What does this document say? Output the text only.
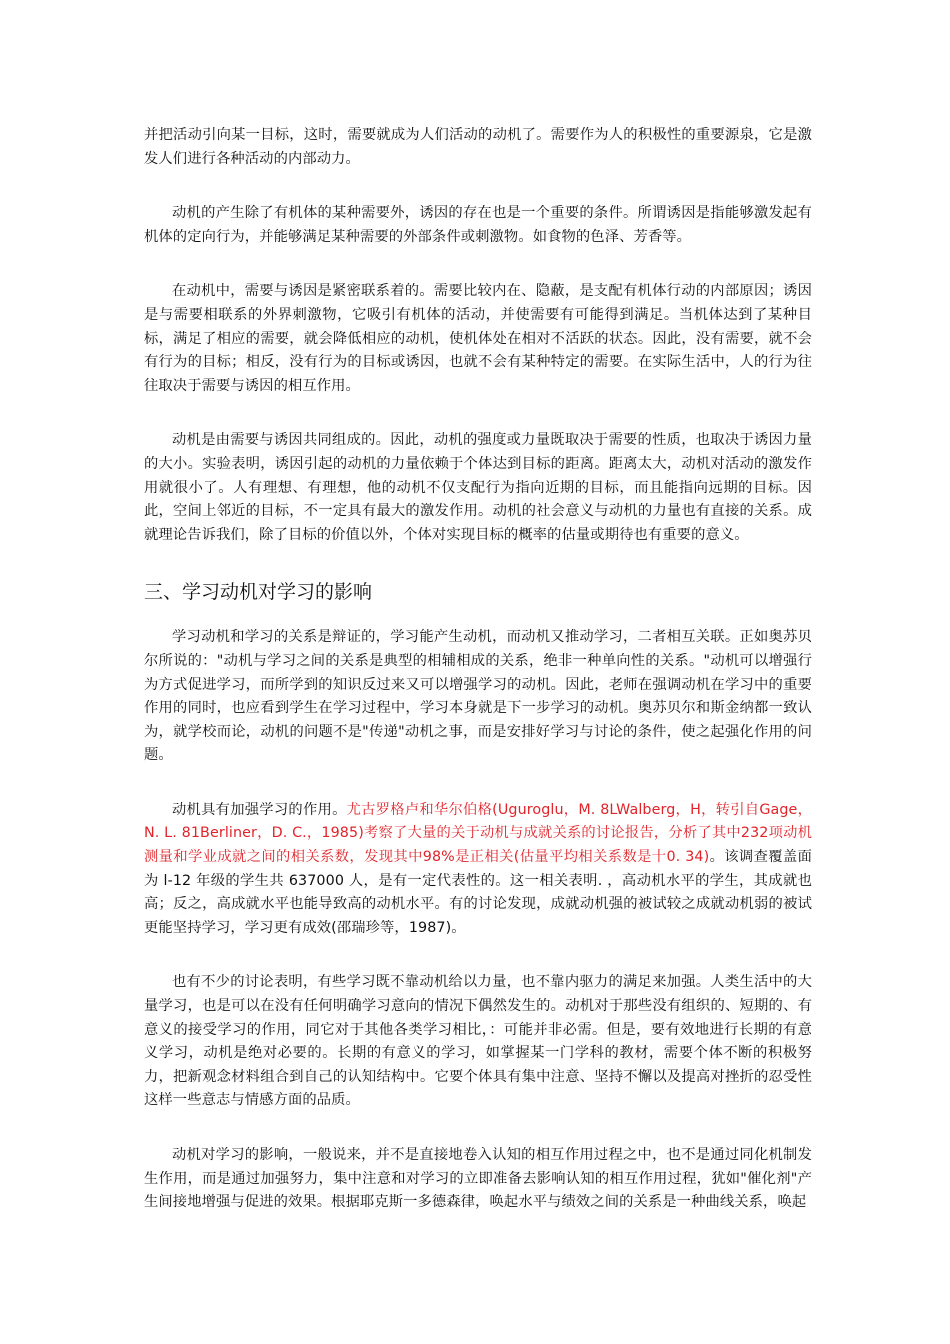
并把活动引向某一目标，这时，需要就成为人们活动的动机了。需要作为人的积极性的重要源泉，它是激发人们进行各种活动的内部动力。

动机的产生除了有机体的某种需要外，诱因的存在也是一个重要的条件。所谓诱因是指能够激发起有机体的定向行为，并能够满足某种需要的外部条件或刺激物。如食物的色泽、芳香等。

在动机中，需要与诱因是紧密联系着的。需要比较内在、隐蔽，是支配有机体行动的内部原因；诱因是与需要相联系的外界刺激物，它吸引有机体的活动，并使需要有可能得到满足。当机体达到了某种目标，满足了相应的需要，就会降低相应的动机，使机体处在相对不活跃的状态。因此，没有需要，就不会有行为的目标；相反，没有行为的目标或诱因，也就不会有某种特定的需要。在实际生活中，人的行为往往取决于需要与诱因的相互作用。

动机是由需要与诱因共同组成的。因此，动机的强度或力量既取决于需要的性质，也取决于诱因力量的大小。实验表明，诱因引起的动机的力量依赖于个体达到目标的距离。距离太大，动机对活动的激发作用就很小了。人有理想、有理想，他的动机不仅支配行为指向近期的目标，而且能指向远期的目标。因此，空间上邻近的目标，不一定具有最大的激发作用。动机的社会意义与动机的力量也有直接的关系。成就理论告诉我们，除了目标的价值以外，个体对实现目标的概率的估量或期待也有重要的意义。

三、学习动机对学习的影响

学习动机和学习的关系是辩证的，学习能产生动机，而动机又推动学习，二者相互关联。正如奥苏贝尔所说的："动机与学习之间的关系是典型的相辅相成的关系，绝非一种单向性的关系。"动机可以增强行为方式促进学习，而所学到的知识反过来又可以增强学习的动机。因此，老师在强调动机在学习中的重要作用的同时，也应看到学生在学习过程中，学习本身就是下一步学习的动机。奥苏贝尔和斯金纳都一致认为，就学校而论，动机的问题不是"传递"动机之事，而是安排好学习与讨论的条件，使之起强化作用的问题。

动机具有加强学习的作用。尤古罗格卢和华尔伯格(Uguroglu，M. 8LWalberg，H，转引自Gage，N. L. 81Berliner，D. C.，1985)考察了大量的关于动机与成就关系的讨论报告，分析了其中232项动机测量和学业成就之间的相关系数，发现其中98%是正相关(估量平均相关系数是十0. 34)。该调查覆盖面为 l-12 年级的学生共 637000 人，是有一定代表性的。这一相关表明. ，高动机水平的学生，其成就也高；反之，高成就水平也能导致高的动机水平。有的讨论发现，成就动机强的被试较之成就动机弱的被试更能坚持学习，学习更有成效(邵瑞珍等，1987)。

也有不少的讨论表明，有些学习既不靠动机给以力量，也不靠内驱力的满足来加强。人类生活中的大量学习，也是可以在没有任何明确学习意向的情况下偶然发生的。动机对于那些没有组织的、短期的、有意义的接受学习的作用，同它对于其他各类学习相比，：可能并非必需。但是，要有效地进行长期的有意义学习，动机是绝对必要的。长期的有意义的学习，如掌握某一门学科的教材，需要个体不断的积极努力，把新观念材料组合到自己的认知结构中。它要个体具有集中注意、坚持不懈以及提高对挫折的忍受性这样一些意志与情感方面的品质。

动机对学习的影响，一般说来，并不是直接地卷入认知的相互作用过程之中，也不是通过同化机制发生作用，而是通过加强努力，集中注意和对学习的立即准备去影响认知的相互作用过程，犹如"催化剂"产生间接地增强与促进的效果。根据耶克斯一多德森律，唤起水平与绩效之间的关系是一种曲线关系，唤起
